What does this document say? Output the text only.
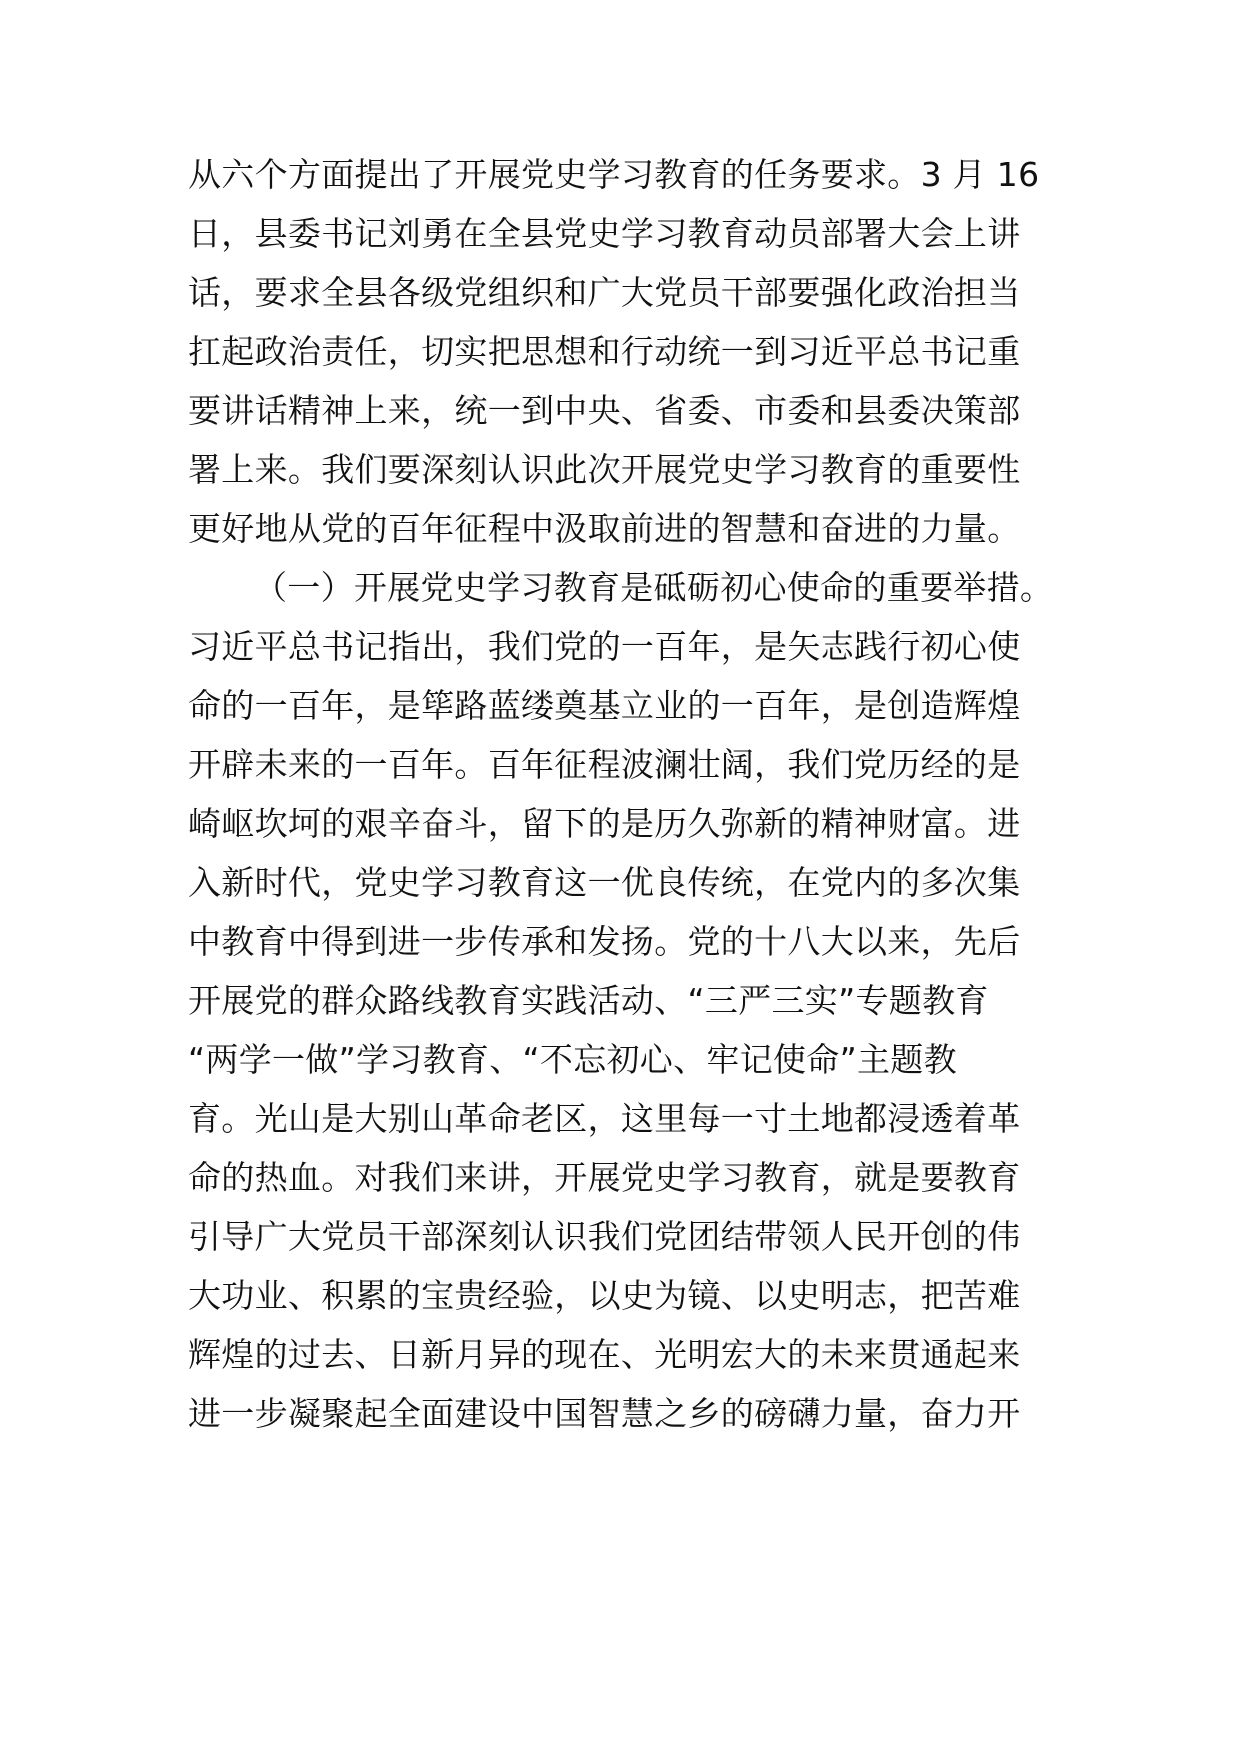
从六个方面提出了开展党史学习教育的任务要求。3 月 16
日，县委书记刘勇在全县党史学习教育动员部署大会上讲
话，要求全县各级党组织和广大党员干部要强化政治担当
扛起政治责任，切实把思想和行动统一到习近平总书记重
要讲话精神上来，统一到中央、省委、市委和县委决策部
署上来。我们要深刻认识此次开展党史学习教育的重要性
更好地从党的百年征程中汲取前进的智慧和奋进的力量。
（一）开展党史学习教育是砥砺初心使命的重要举措。
习近平总书记指出，我们党的一百年，是矢志践行初心使
命的一百年，是筚路蓝缕奠基立业的一百年，是创造辉煌
开辟未来的一百年。百年征程波澜壮阔，我们党历经的是
崎岖坎坷的艰辛奋斗，留下的是历久弥新的精神财富。进
入新时代，党史学习教育这一优良传统，在党内的多次集
中教育中得到进一步传承和发扬。党的十八大以来，先后
开展党的群众路线教育实践活动、“三严三实”专题教育
“两学一做”学习教育、“不忘初心、牢记使命”主题教
育。光山是大别山革命老区，这里每一寸土地都浸透着革
命的热血。对我们来讲，开展党史学习教育，就是要教育
引导广大党员干部深刻认识我们党团结带领人民开创的伟
大功业、积累的宝贵经验，以史为镜、以史明志，把苦难
辉煌的过去、日新月异的现在、光明宏大的未来贯通起来
进一步凝聚起全面建设中国智慧之乡的磅礴力量，奋力开
